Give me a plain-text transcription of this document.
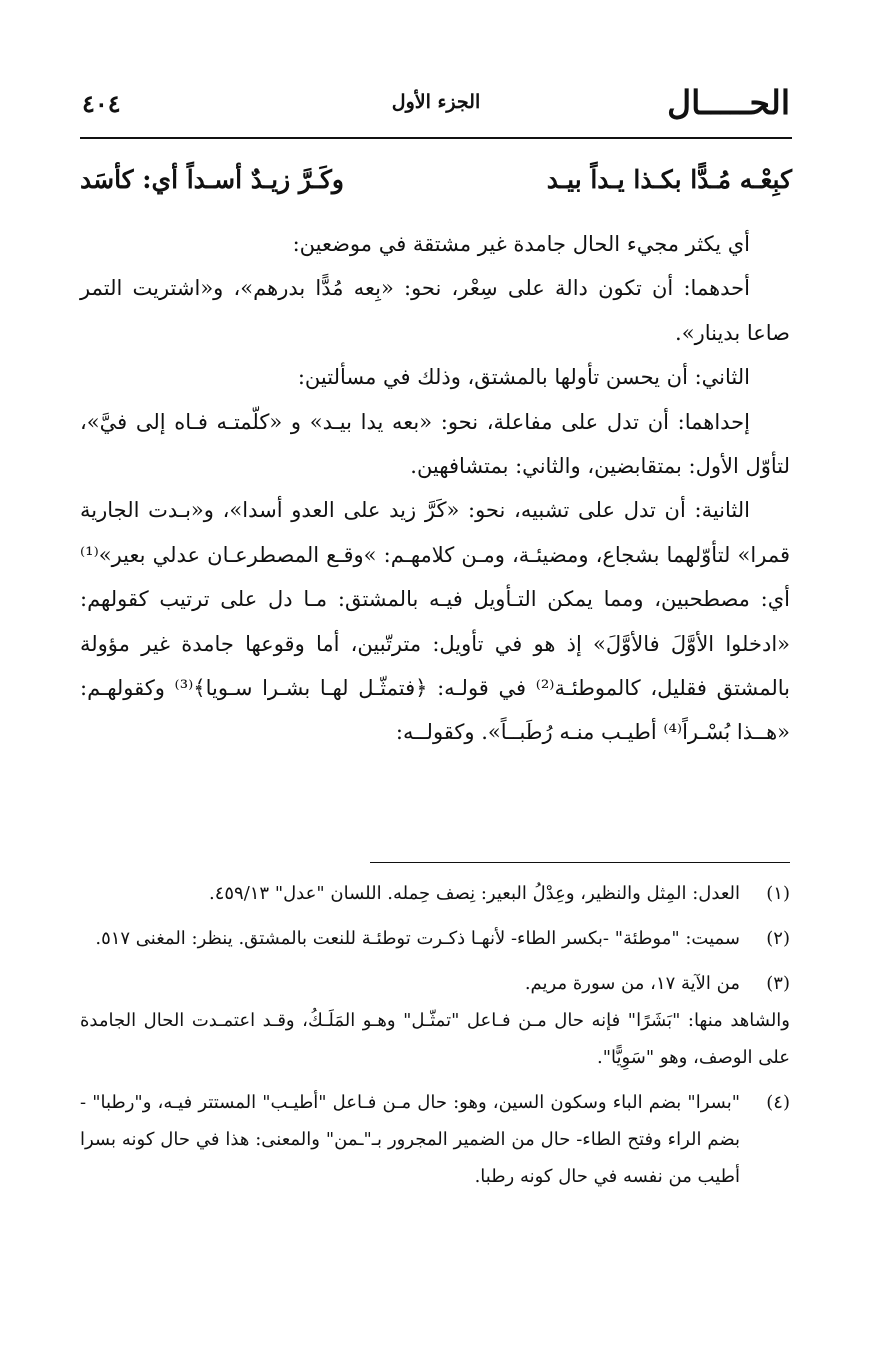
الحـــــال
الجزء الأول
٤٠٤
كبِعْـه مُـدًّا بكـذا يـداً بيـد
وكَـرَّ زيـدٌ أسـداً أي: كأسَد

أي يكثر مجيء الحال جامدة غير مشتقة في موضعين:

أحدهما: أن تكون دالة على سِعْر، نحو: «بِعه مُدًّا بدرهم»، و«اشتريت التمر صاعا بدينار».

الثاني: أن يحسن تأولها بالمشتق، وذلك في مسألتين:

إحداهما: أن تدل على مفاعلة، نحو: «بعه يدا بيـد» و «كلّمتـه فـاه إلى فيَّ»، لتأوّل الأول: بمتقابضين، والثاني: بمتشافهين.

الثانية: أن تدل على تشبيه، نحو: «كَرَّ زيد على العدو أسدا»، و«بـدت الجارية قمرا» لتأوّلهما بشجاع، ومضيئـة، ومـن كلامهـم: »وقـع المصطرعـان عدلي بعير»⁽¹⁾ أي: مصطحبين، ومما يمكن التـأويل فيـه بالمشتق: مـا دل على ترتيب كقولهم: «ادخلوا الأوَّلَ فالأوَّلَ» إذ هو في تأويل: مترتّبين، أما وقوعها جامدة غير مؤولة بالمشتق فقليل، كالموطئـة⁽²⁾ في قولـه: ﴿فتمثّـل لهـا بشـرا سـويا﴾⁽³⁾ وكقولهـم: «هــذا بُسْـراً⁽⁴⁾ أطيـب منـه رُطَبــاً». وكقولــه:

(١)

العدل: المِثل والنظير، وعِدْلُ البعير: نِصف حِمله. اللسان "عدل" ٤٥٩/١٣.

(٢)

سميت: "موطئة" -بكسر الطاء- لأنهـا ذكـرت توطئـة للنعت بالمشتق. ينظر: المغنى ٥١٧.

(٣)

من الآية ١٧، من سورة مريم.

والشاهد منها: "بَشَرًا" فإنه حال مـن فـاعل "تمثّـل" وهـو المَلَـكُ، وقـد اعتمـدت الحال الجامدة على الوصف، وهو "سَوِيًّا".

(٤)

"بسرا" بضم الباء وسكون السين، وهو: حال مـن فـاعل "أطيـب" المستتر فيـه، و"رطبا" - بضم الراء وفتح الطاء- حال من الضمير المجرور بـ"ـمن" والمعنى: هذا في حال كونه بسرا أطيب من نفسه في حال كونه رطبا.
